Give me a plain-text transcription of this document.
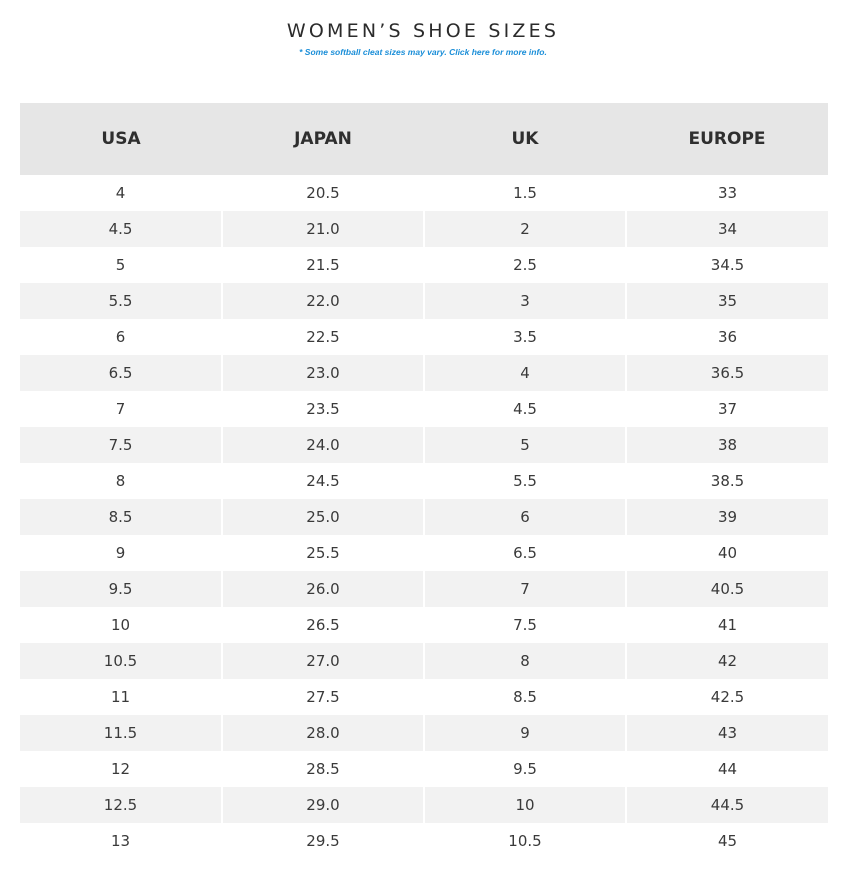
WOMEN’S SHOE SIZES
* Some softball cleat sizes may vary. Click here for more info.
USA	JAPAN	UK	EUROPE
4	20.5	1.5	33
4.5	21.0	2	34
5	21.5	2.5	34.5
5.5	22.0	3	35
6	22.5	3.5	36
6.5	23.0	4	36.5
7	23.5	4.5	37
7.5	24.0	5	38
8	24.5	5.5	38.5
8.5	25.0	6	39
9	25.5	6.5	40
9.5	26.0	7	40.5
10	26.5	7.5	41
10.5	27.0	8	42
11	27.5	8.5	42.5
11.5	28.0	9	43
12	28.5	9.5	44
12.5	29.0	10	44.5
13	29.5	10.5	45
